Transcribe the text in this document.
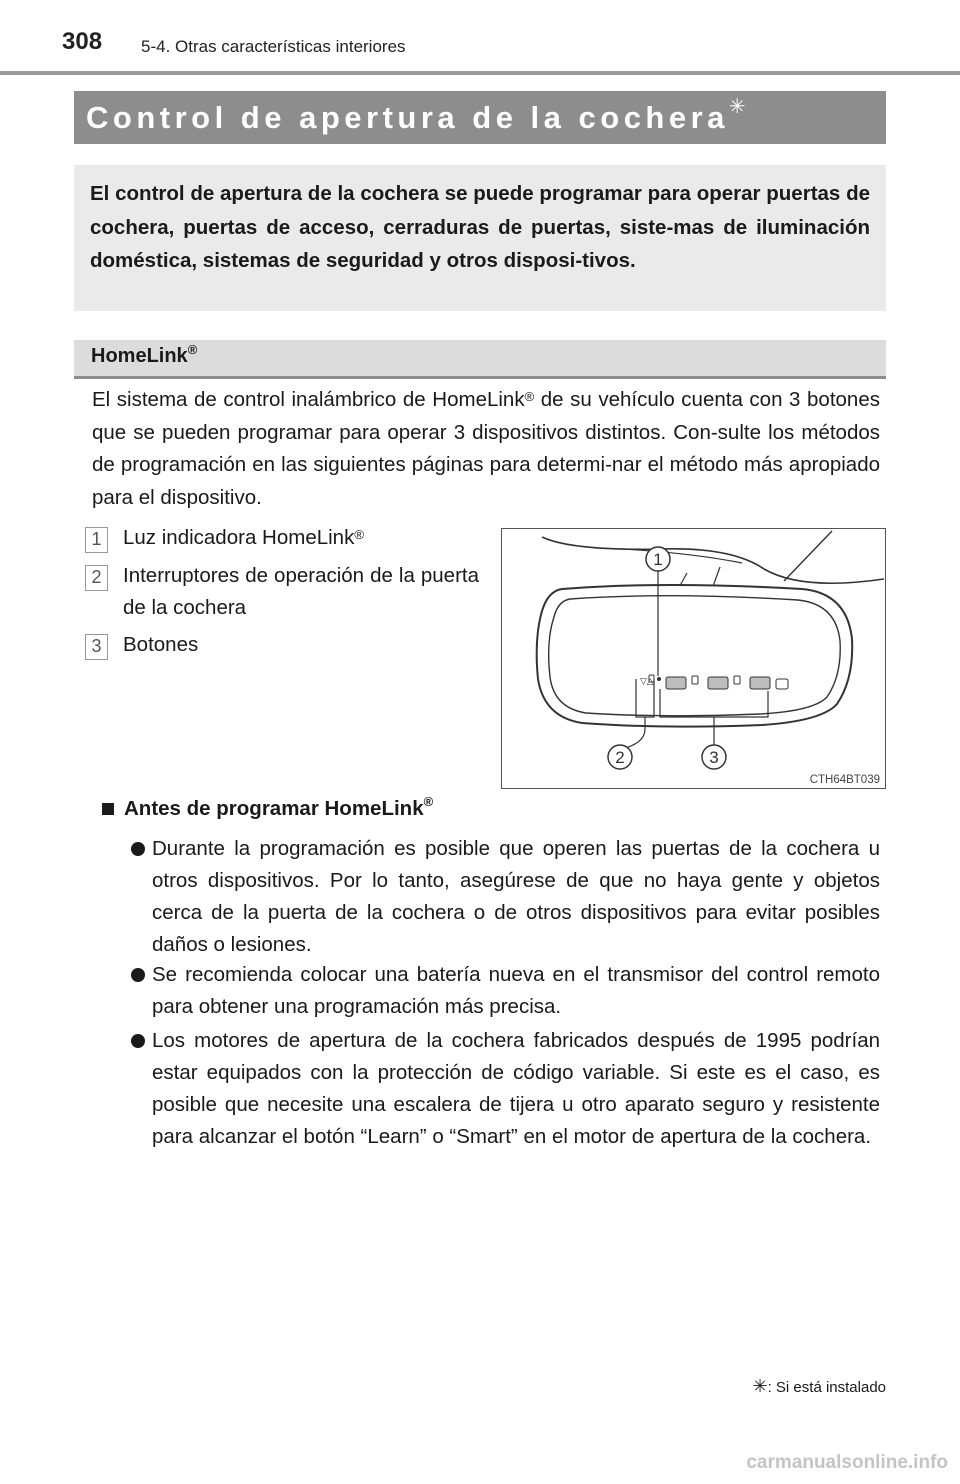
308 5-4. Otras características interiores
Control de apertura de la cochera✳
El control de apertura de la cochera se puede programar para operar puertas de cochera, puertas de acceso, cerraduras de puertas, siste-mas de iluminación doméstica, sistemas de seguridad y otros disposi-tivos.
HomeLink®
El sistema de control inalámbrico de HomeLink® de su vehículo cuenta con 3 botones que se pueden programar para operar 3 dispositivos distintos. Con-sulte los métodos de programación en las siguientes páginas para determi-nar el método más apropiado para el dispositivo.
1	Luz indicadora HomeLink®
2	Interruptores de operación de la puerta de la cochera
3	Botones
▽△
1
2	3
CTH64BT039
Antes de programar HomeLink®
Durante la programación es posible que operen las puertas de la cochera u otros dispositivos. Por lo tanto, asegúrese de que no haya gente y objetos cerca de la puerta de la cochera o de otros dispositivos para evitar posibles daños o lesiones.
Se recomienda colocar una batería nueva en el transmisor del control remoto para obtener una programación más precisa.
Los motores de apertura de la cochera fabricados después de 1995 podrían estar equipados con la protección de código variable. Si este es el caso, es posible que necesite una escalera de tijera u otro aparato seguro y resistente para alcanzar el botón “Learn” o “Smart” en el motor de apertura de la cochera.
✳: Si está instalado
carmanualsonline.info
